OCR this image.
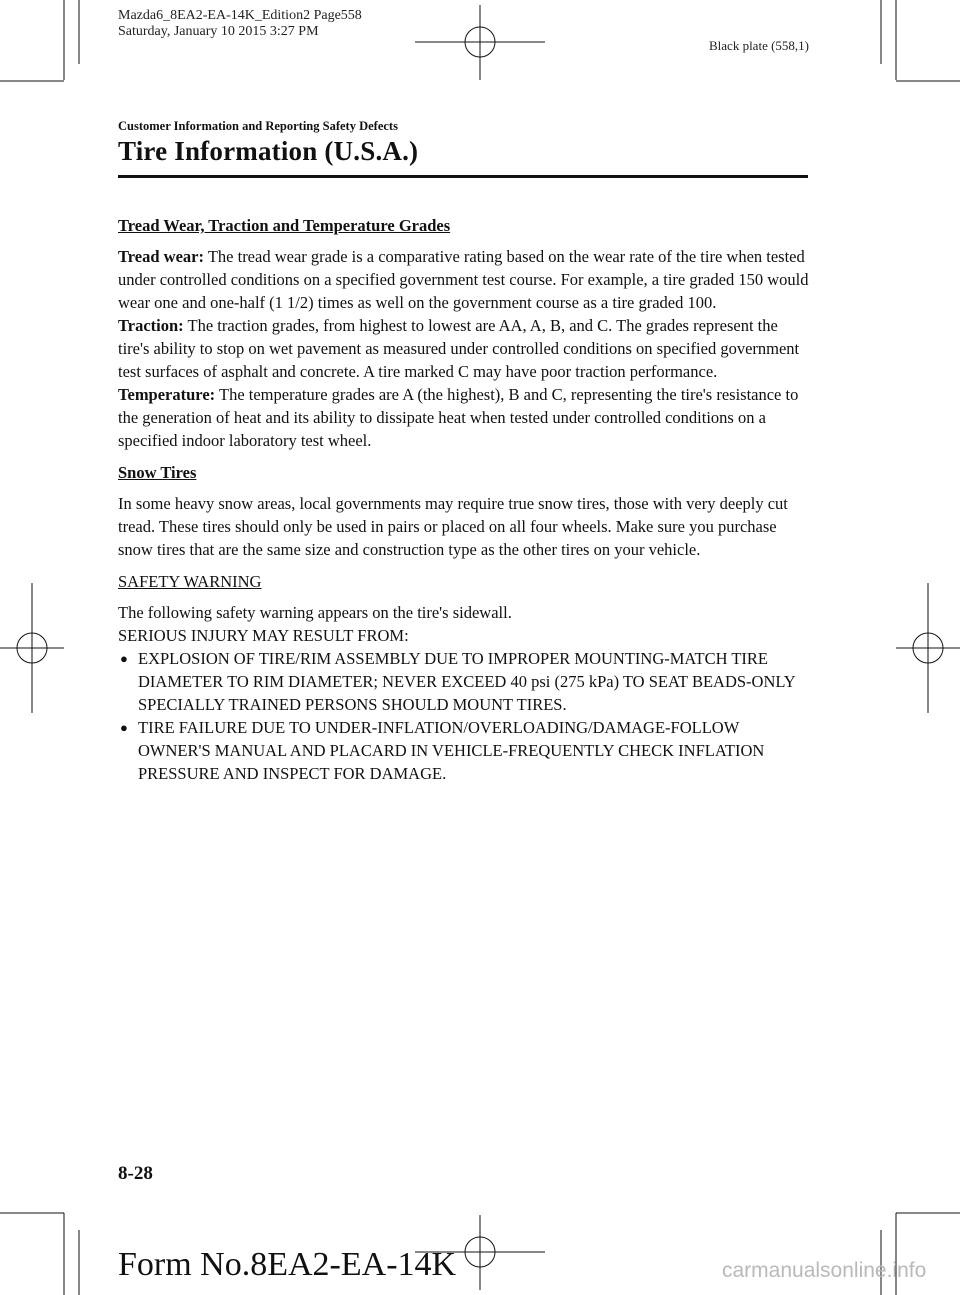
Mazda6_8EA2-EA-14K_Edition2 Page558
Saturday, January 10 2015 3:27 PM
Black plate (558,1)
Customer Information and Reporting Safety Defects
Tire Information (U.S.A.)

Tread Wear, Traction and Temperature Grades

Tread wear: The tread wear grade is a comparative rating based on the wear rate of the tire when tested under controlled conditions on a specified government test course. For example, a tire graded 150 would wear one and one-half (1 1/2) times as well on the government course as a tire graded 100.

Traction: The traction grades, from highest to lowest are AA, A, B, and C. The grades represent the tire's ability to stop on wet pavement as measured under controlled conditions on specified government test surfaces of asphalt and concrete. A tire marked C may have poor traction performance.

Temperature: The temperature grades are A (the highest), B and C, representing the tire's resistance to the generation of heat and its ability to dissipate heat when tested under controlled conditions on a specified indoor laboratory test wheel.

Snow Tires

In some heavy snow areas, local governments may require true snow tires, those with very deeply cut tread. These tires should only be used in pairs or placed on all four wheels. Make sure you purchase snow tires that are the same size and construction type as the other tires on your vehicle.

SAFETY WARNING

The following safety warning appears on the tire's sidewall.

SERIOUS INJURY MAY RESULT FROM:

● EXPLOSION OF TIRE/RIM ASSEMBLY DUE TO IMPROPER MOUNTING-MATCH TIRE DIAMETER TO RIM DIAMETER; NEVER EXCEED 40 psi (275 kPa) TO SEAT BEADS-ONLY SPECIALLY TRAINED PERSONS SHOULD MOUNT TIRES.
● TIRE FAILURE DUE TO UNDER-INFLATION/OVERLOADING/DAMAGE-FOLLOW OWNER'S MANUAL AND PLACARD IN VEHICLE-FREQUENTLY CHECK INFLATION PRESSURE AND INSPECT FOR DAMAGE.
8-28
Form No.8EA2-EA-14K	carmanualsonline.info
